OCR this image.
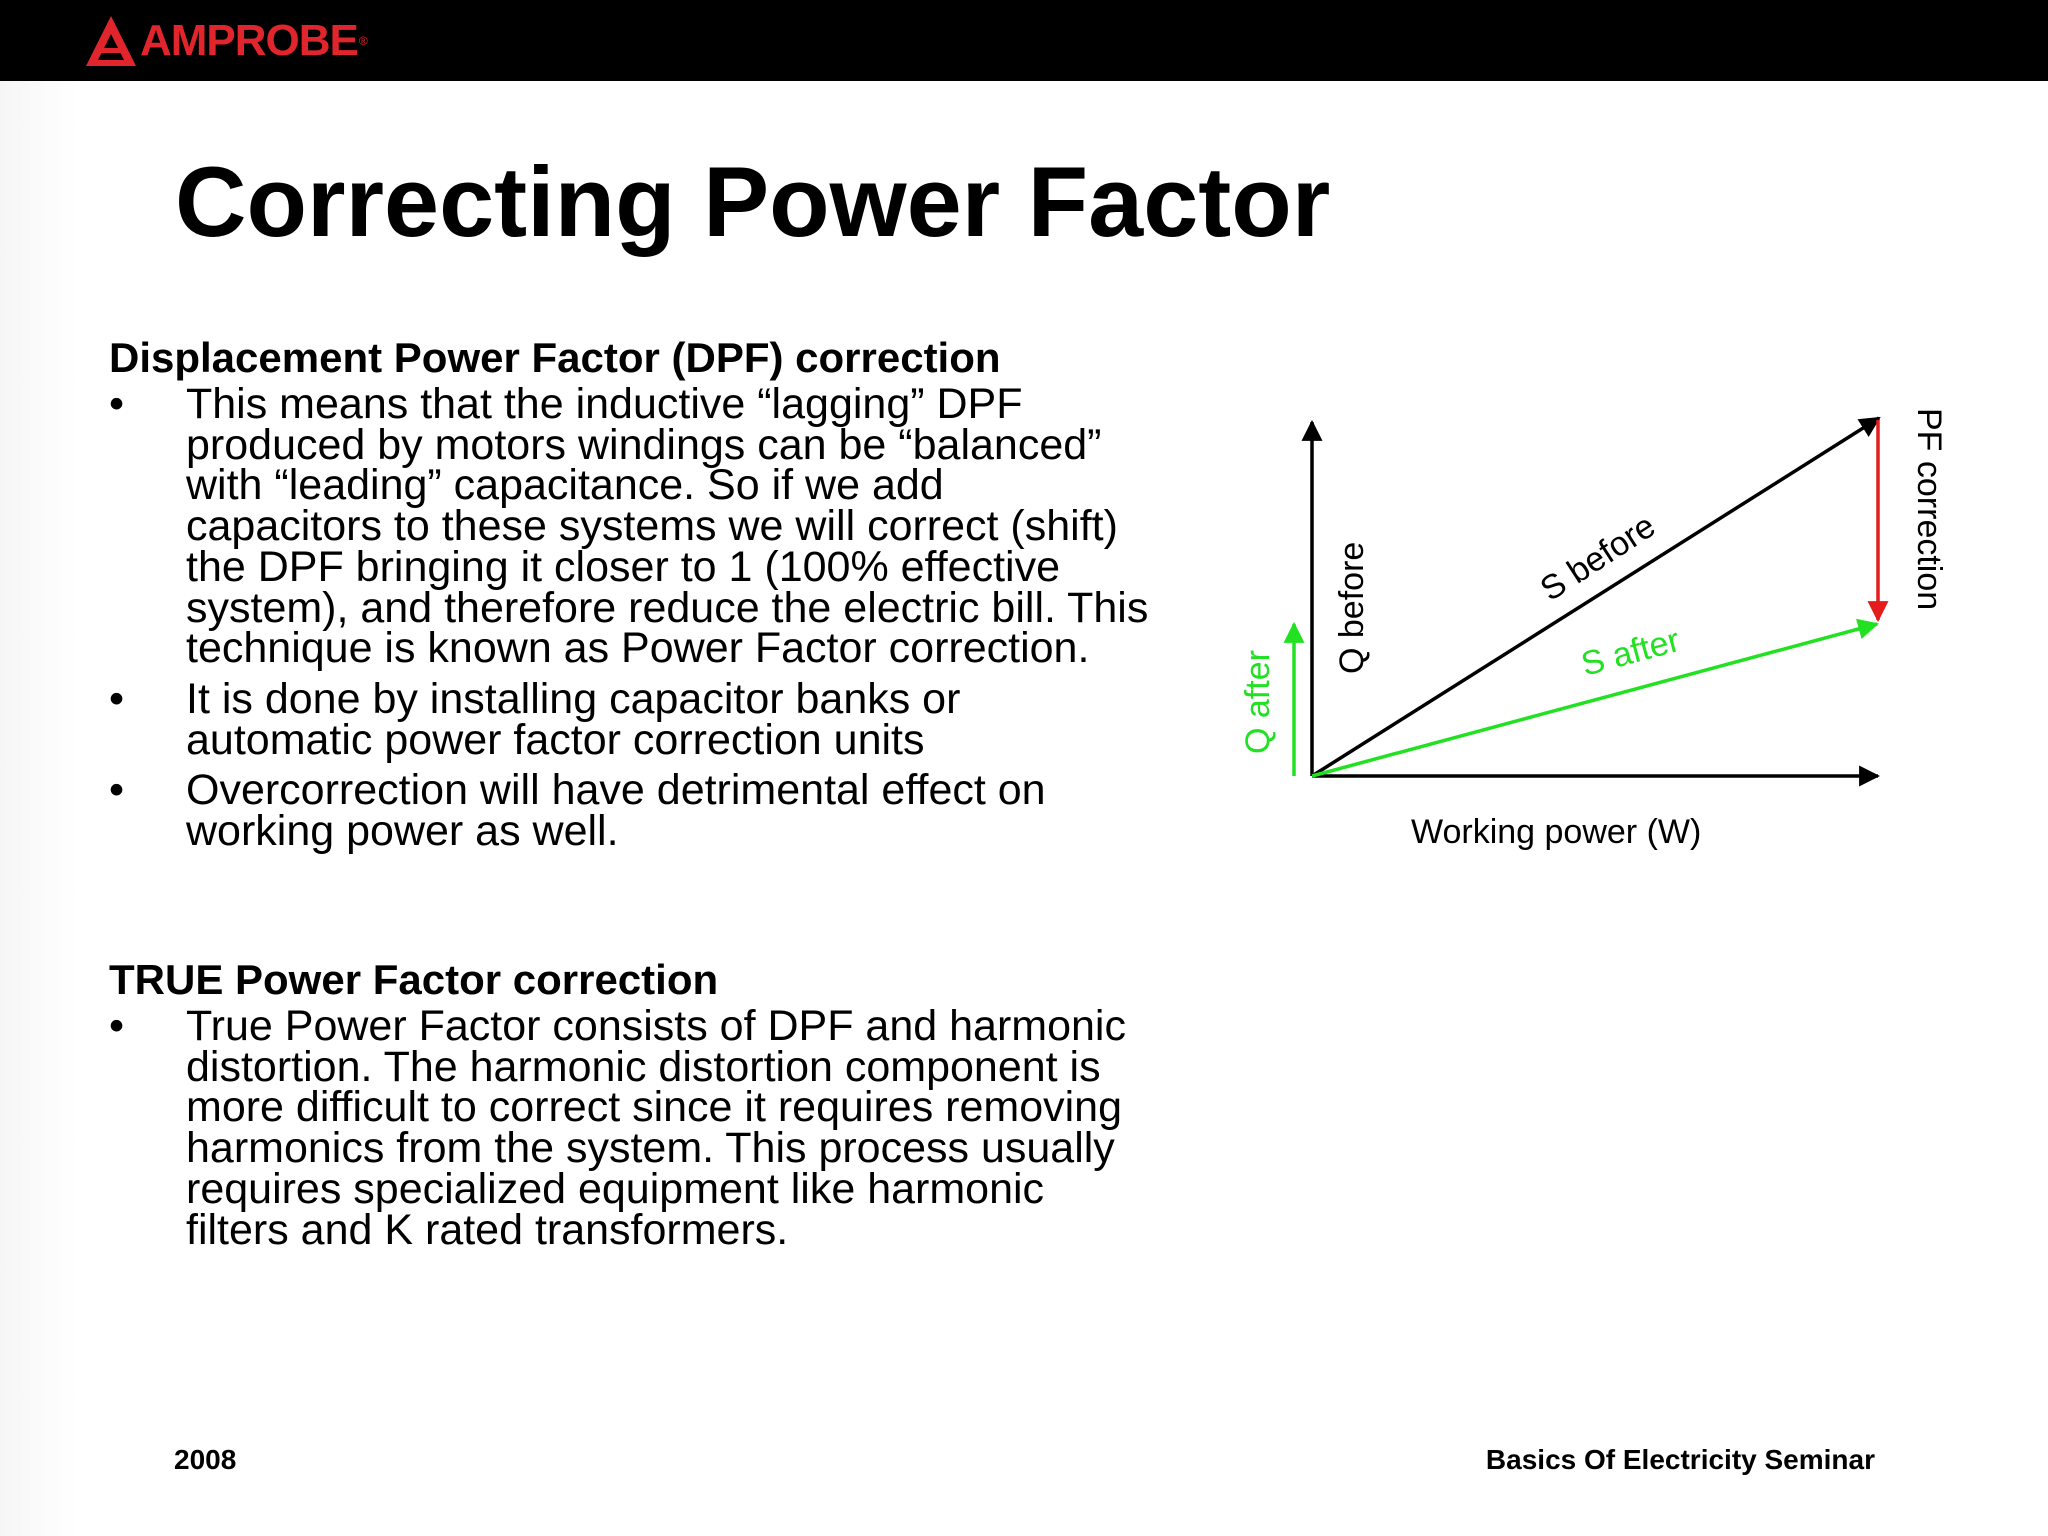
AMPROBE ®
Correcting Power Factor
Displacement Power Factor (DPF) correction
•	This means that the inductive “lagging” DPF produced by motors windings can be “balanced” with “leading” capacitance. So if we add capacitors to these systems we will correct (shift) the DPF bringing it closer to 1 (100% effective system), and therefore reduce the electric bill. This technique is known as Power Factor correction.
•	It is done by installing capacitor banks or automatic power factor correction units
•	Overcorrection will have detrimental effect on working power as well.
TRUE Power Factor correction
•	True Power Factor consists of DPF and harmonic distortion. The harmonic distortion component is more difficult to correct since it requires removing harmonics from the system. This process usually requires specialized equipment like harmonic filters and K rated transformers.
S before
S after
Q before
Q after
PF correction
Working power (W)
2008	Basics Of Electricity Seminar
